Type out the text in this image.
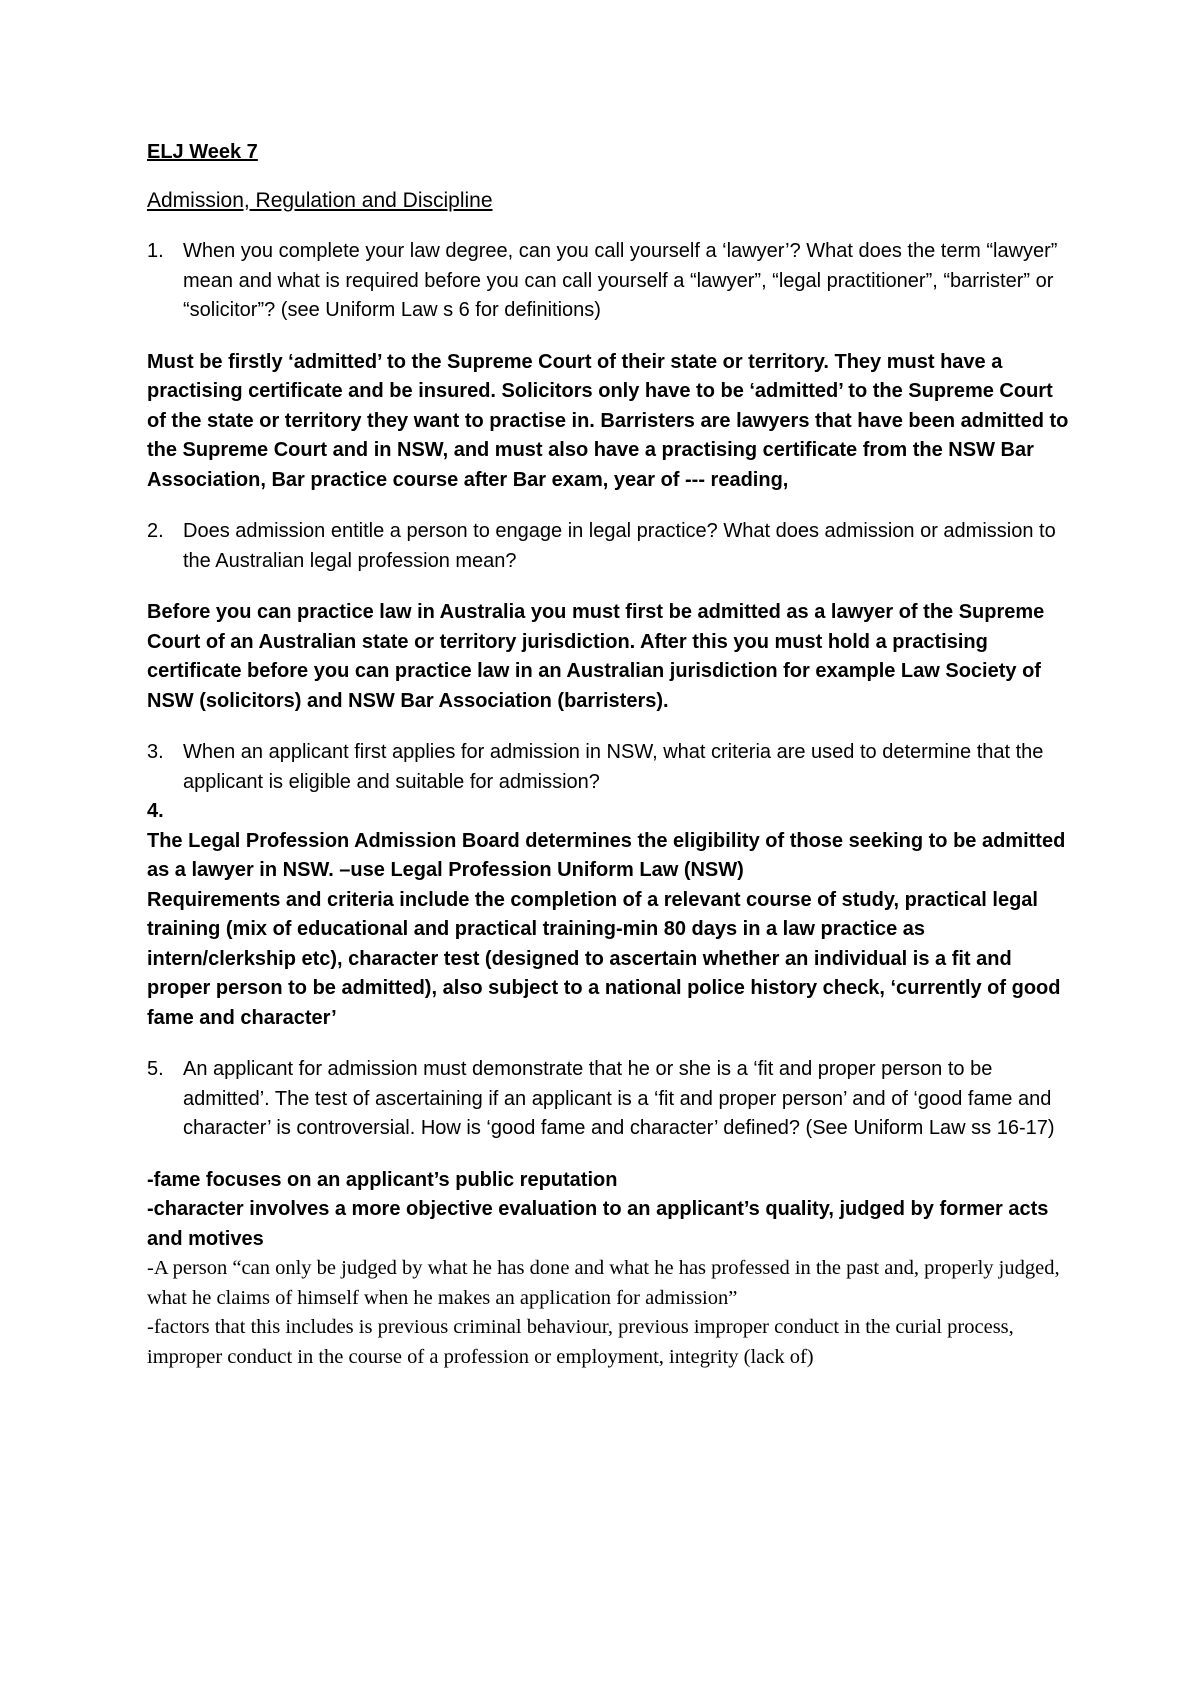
ELJ Week 7
Admission, Regulation and Discipline
1. When you complete your law degree, can you call yourself a ‘lawyer’? What does the term “lawyer” mean and what is required before you can call yourself a “lawyer”, “legal practitioner”, “barrister” or “solicitor”? (see Uniform Law s 6 for definitions)

Must be firstly ‘admitted’ to the Supreme Court of their state or territory. They must have a practising certificate and be insured. Solicitors only have to be ‘admitted’ to the Supreme Court of the state or territory they want to practise in. Barristers are lawyers that have been admitted to the Supreme Court and in NSW, and must also have a practising certificate from the NSW Bar Association, Bar practice course after Bar exam, year of --- reading,

2. Does admission entitle a person to engage in legal practice? What does admission or admission to the Australian legal profession mean?

Before you can practice law in Australia you must first be admitted as a lawyer of the Supreme Court of an Australian state or territory jurisdiction. After this you must hold a practising certificate before you can practice law in an Australian jurisdiction for example Law Society of NSW (solicitors) and NSW Bar Association (barristers).

3. When an applicant first applies for admission in NSW, what criteria are used to determine that the applicant is eligible and suitable for admission?

4.

The Legal Profession Admission Board determines the eligibility of those seeking to be admitted as a lawyer in NSW. –use Legal Profession Uniform Law (NSW)

Requirements and criteria include the completion of a relevant course of study, practical legal training (mix of educational and practical training-min 80 days in a law practice as intern/clerkship etc), character test (designed to ascertain whether an individual is a fit and proper person to be admitted), also subject to a national police history check, ‘currently of good fame and character’

5. An applicant for admission must demonstrate that he or she is a ‘fit and proper person to be admitted’. The test of ascertaining if an applicant is a ‘fit and proper person’ and of ‘good fame and character’ is controversial. How is ‘good fame and character’ defined? (See Uniform Law ss 16-17)

-fame focuses on an applicant’s public reputation

-character involves a more objective evaluation to an applicant’s quality, judged by former acts and motives

-A person “can only be judged by what he has done and what he has professed in the past and, properly judged, what he claims of himself when he makes an application for admission”

-factors that this includes is previous criminal behaviour, previous improper conduct in the curial process, improper conduct in the course of a profession or employment, integrity (lack of)
